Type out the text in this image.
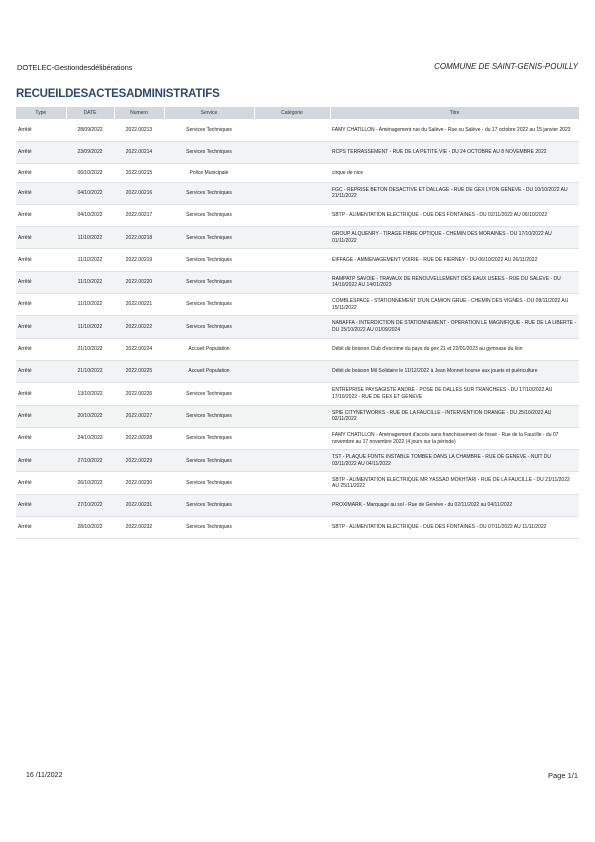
DOTELEC-Gestiondesdélibérations	COMMUNE DE SAINT-GENIS-POUILLY
RECUEILDESACTESADMINISTRATIFS
Type	DATE	Numero	Service	Catégorie	Titre
Arrêté	28/09/2022	2022.00213	Services Techniques		FAMY CHATILLON - Aménagement rue du Salève - Rue su Salève - du 17 octobre 2022 au 15 janvier 2023
Arrêté	23/09/2022	2022.00214	Services Techniques		RCPS TERRASSEMENT - RUE DE LA PETITE VIE - DU 24 OCTOBRE AU 8 NOVEMBRE 2022
Arrêté	06/10/2022	2022.00215	Police Municipale		cirque de nice
Arrêté	04/10/2022	2022.00216	Services Techniques		FGC - REPRISE BETON DESACTIVE ET DALLAGE - RUE DE GEX LYON GENEVE - DU 10/10/2022 AU 21/11/2022
Arrêté	04/10/2022	2022.00217	Services Techniques		SBTP - ALIMENTATION ELECTRIQUE - DUE DES FONTAINES - DU 02/11/2022 AU 06/10/2022
Arrêté	11/10/2022	2022.00218	Services Techniques		GROUP ALQUENRY - TIRAGE FIBRE OPTIQUE - CHEMIN DES MORAINES - DU 17/10/2022 AU 01/11/2022
Arrêté	11/10/2022	2022.00219	Services Techniques		EIFFAGE - AMMENAGEMENT VOIRIE - RUE DE FIERNEY - DU 06/10/2022 AU 26/11/2022
Arrêté	11/10/2022	2022.00220	Services Techniques		RAMPATP SAVOIE - TRAVAUX DE RENOUVELLEMENT DES EAUX USEES - RUE DU SALEVE - DU 14/10/2022 AU 14/01/2023
Arrêté	11/10/2022	2022.00221	Services Techniques		COMBLESPACE - STATIONNEMENT D'UN CAMION GRUE - CHEMIN DES VIGNES - DU 08/11/2022 AU 15/11/2022
Arrêté	11/10/2022	2022.00222	Services Techniques		NABAFFA - INTERDICTION DE STATIONNEMENT - OPERATION LE MAGNIFIQUE - RUE DE LA LIBERTE - DU 15/10/2022 AU 01/09/2024
Arrêté	21/10/2022	2022.00224	Accueil Population		Débit de boisson Club d'escrime du pays du gex 21 et 22/01/2023 au gymnase du lion
Arrêté	21/10/2022	2022.00225	Accueil Population		Débit de boisson Mil Solidaire le 11/12/2022 à Jean Monnet bourse aux jouets et puériculture
Arrêté	13/10/2022	2022.00226	Services Techniques		ENTREPRISE PAYSAGISTE ANDRE - POSE DE DALLES SUR TRANCHEES - DU 17/10/2022 AU 17/10/2022 - RUE DE GEX ET GENEVE
Arrêté	20/10/2022	2022.00227	Services Techniques		SPIE CITYNETWORKS - RUE DE LA FAUCILLE - INTERVENTION ORANGE - DU 25/10/2022 AU 02/11/2022
Arrêté	24/10/2022	2022.00228	Services Techniques		FAMY CHATILLON - Aménagement d'accès sans franchissement de fossé - Rue de la Faucille - du 07 novembre au 17 novembre 2022 (4 jours sur la période)
Arrêté	27/10/2022	2022.00229	Services Techniques		TST - PLAQUE FONTE INSTABLE TOMBEE DANS LA CHAMBRE - RUE DE GENEVE - NUIT DU 03/11/2022 AU 04/11/2022
Arrêté	26/10/2022	2022.00230	Services Techniques		SBTP - ALIMENTATION ELECTRIQUE MR YASSAD MOKHTARI - RUE DE LA FAUCILLE - DU 21/11/2022 AU 25/11/2022
Arrêté	27/10/2022	2022.00231	Services Techniques		PROXIMARK - Marquage au sol - Rue de Genève - du 02/11/2022 au 04/11/2022
Arrêté	28/10/2022	2022.00232	Services Techniques		SBTP - ALIMENTATION ELECTRIQUE - DUE DES FONTAINES - DU 07/11/2022 AU 11/11/2022
16 /11/2022	Page 1/1
